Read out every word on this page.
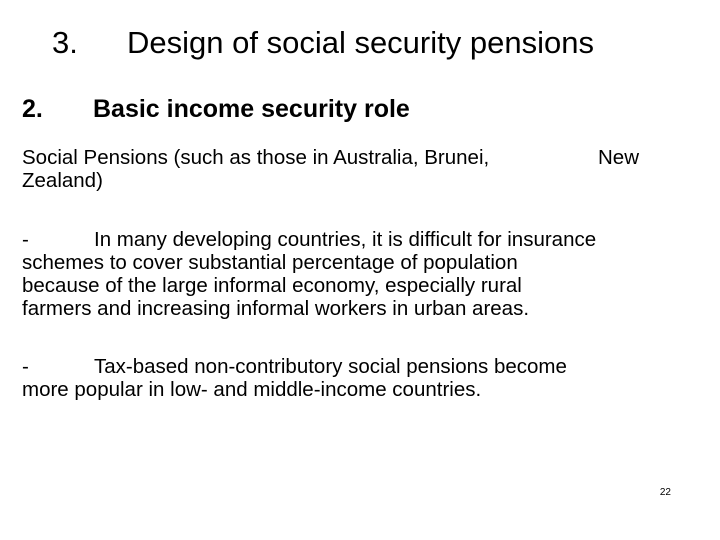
3. Design of social security pensions
2. Basic income security role
Social Pensions (such as those in Australia, Brunei,	New
Zealand)
-	In many developing countries, it is difficult for insurance
schemes to cover substantial percentage of population
because of the large informal economy, especially rural
farmers and increasing informal workers in urban areas.
-	Tax-based non-contributory social pensions become
more popular in low- and middle-income countries.
22
